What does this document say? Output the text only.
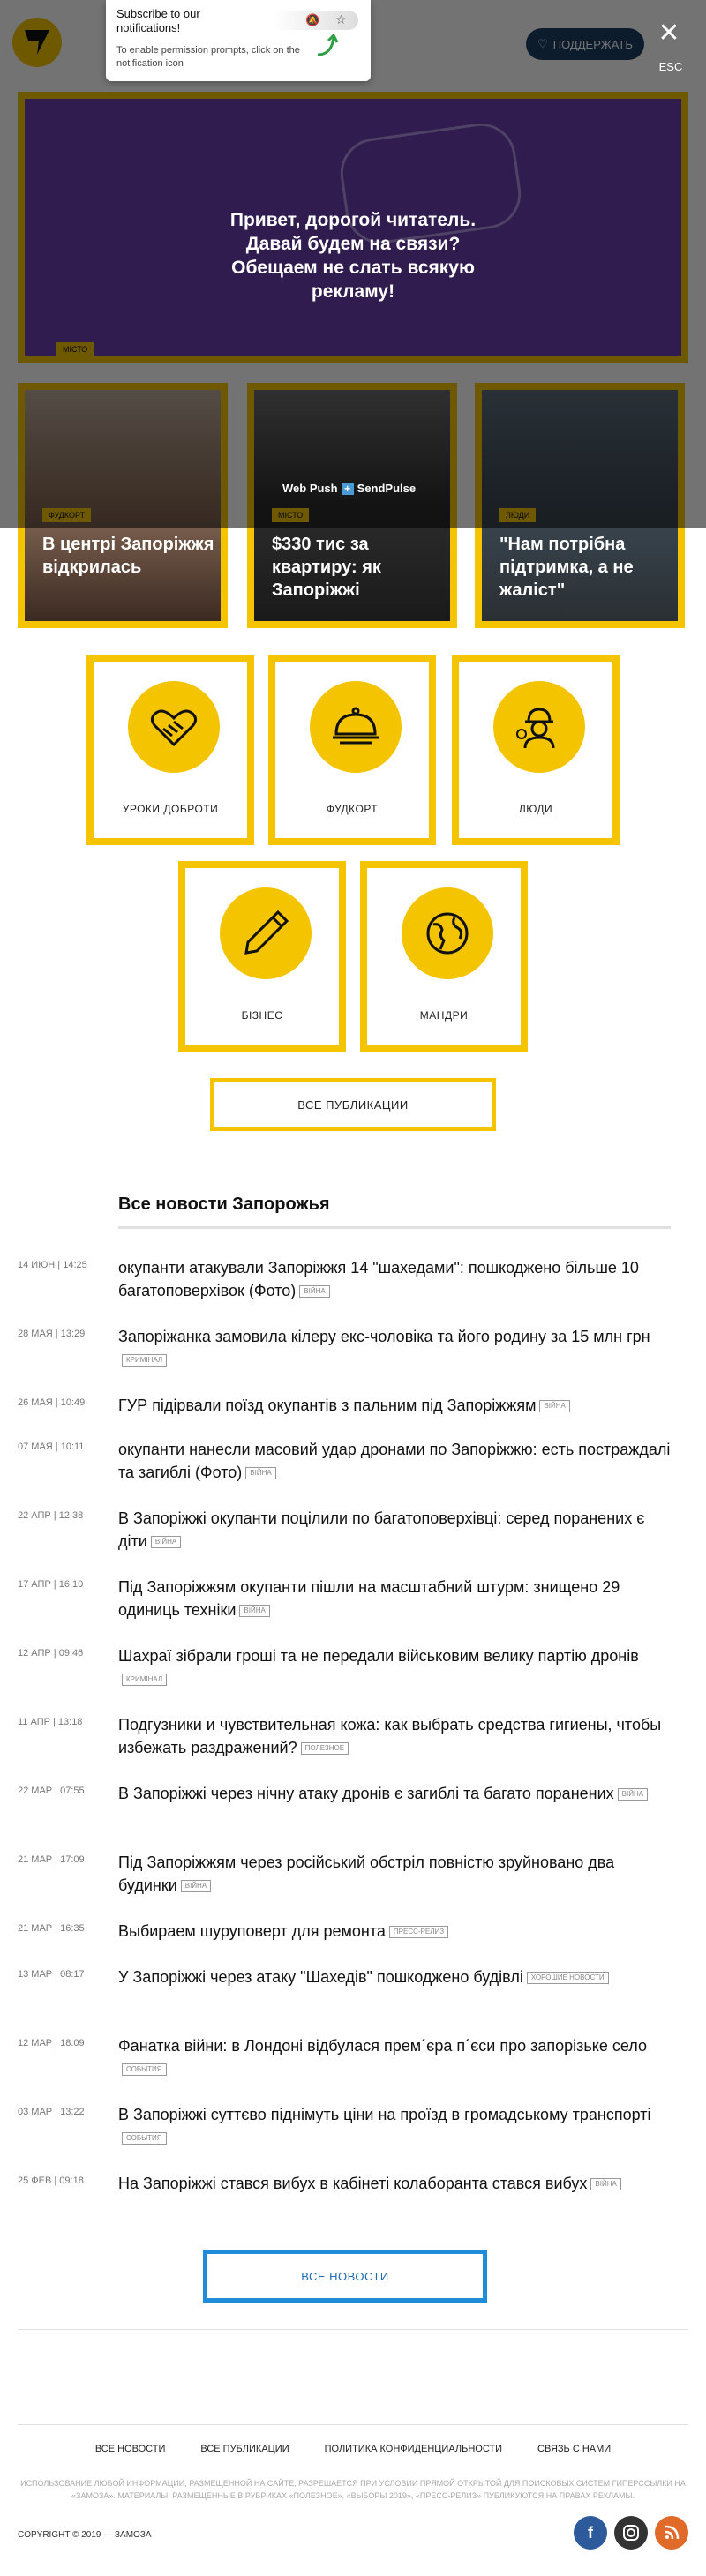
В центрі Запоріжжя відкрилась
$330 тис за квартиру: як Запоріжжі
"Нам потрібна підтримка, а не жаліст"
Привет, дорогой читатель. Давай будем на связи? Обещаем не слать всякую рекламу!
✕
ESC
Web Push + SendPulse
Subscribe to our notifications!
To enable permission prompts, click on the notification icon
🔕 ☆
УРОКИ ДОБРОТИ	ФУДКОРТ	ЛЮДИ
БІЗНЕС	МАНДРИ
ВСЕ ПУБЛИКАЦИИ
Все новости Запорожья
14 ИЮН | 14:25	окупанти атакували Запоріжжя 14 "шахедами": пошкоджено більше 10 багатоповерхівок (Фото) ВІЙНА
28 МАЯ | 13:29	Запоріжанка замовила кілеру екс-чоловіка та його родину за 15 млн грнКРИМІНАЛ
26 МАЯ | 10:49	ГУР підірвали поїзд окупантів з пальним під Запоріжжям ВІЙНА
07 МАЯ | 10:11	окупанти нанесли масовий удар дронами по Запоріжжю: есть постраждалі та загиблі (Фото) ВІЙНА
22 АПР | 12:38	В Запоріжжі окупанти поцілили по багатоповерхівці: серед поранених є діти ВІЙНА
17 АПР | 16:10	Під Запоріжжям окупанти пішли на масштабний штурм: знищено 29 одиниць техніки ВІЙНА
12 АПР | 09:46	Шахраї зібрали гроші та не передали військовим велику партію дронівКРИМІНАЛ
11 АПР | 13:18	Подгузники и чувствительная кожа: как выбрать средства гигиены, чтобы избежать раздражений? ПОЛЕЗНОЕ
22 МАР | 07:55	В Запоріжжі через нічну атаку дронів є загиблі та багато поранених ВІЙНА
21 МАР | 17:09	Під Запоріжжям через російський обстріл повністю зруйновано два будинки ВІЙНА
21 МАР | 16:35	Выбираем шуруповерт для ремонта ПРЕСС-РЕЛИЗ
13 МАР | 08:17	У Запоріжжі через атаку "Шахедів" пошкоджено будівлі ХОРОШИЕ НОВОСТИ
12 МАР | 18:09	Фанатка війни: в Лондоні відбулася прем´єра п´єси про запорізьке селоСОБЫТИЯ
03 МАР | 13:22	В Запоріжжі суттєво піднімуть ціни на проїзд в громадському транспортіСОБЫТИЯ
25 ФЕВ | 09:18	На Запоріжжі стався вибух в кабінеті колаборанта стався вибух ВІЙНА
ВСЕ НОВОСТИ
ВСЕ НОВОСТИ	ВСЕ ПУБЛИКАЦИИ	ПОЛИТИКА КОНФИДЕНЦИАЛЬНОСТИ	СВЯЗЬ С НАМИ
ИСПОЛЬЗОВАНИЕ ЛЮБОЙ ИНФОРМАЦИИ, РАЗМЕЩЕННОЙ НА САЙТЕ, РАЗРЕШАЕТСЯ ПРИ УСЛОВИИ ПРЯМОЙ ОТКРЫТОЙ ДЛЯ ПОИСКОВЫХ СИСТЕМ ГИПЕРССЫЛКИ НА «ЗАМОЗА». МАТЕРИАЛЫ, РАЗМЕЩЕННЫЕ В РУБРИКАХ «ПОЛЕЗНОЕ», «ВЫБОРЫ 2019», «ПРЕСС-РЕЛИЗ» ПУБЛИКУЮТСЯ НА ПРАВАХ РЕКЛАМЫ.
COPYRIGHT © 2019 — ЗАМОЗА	f
